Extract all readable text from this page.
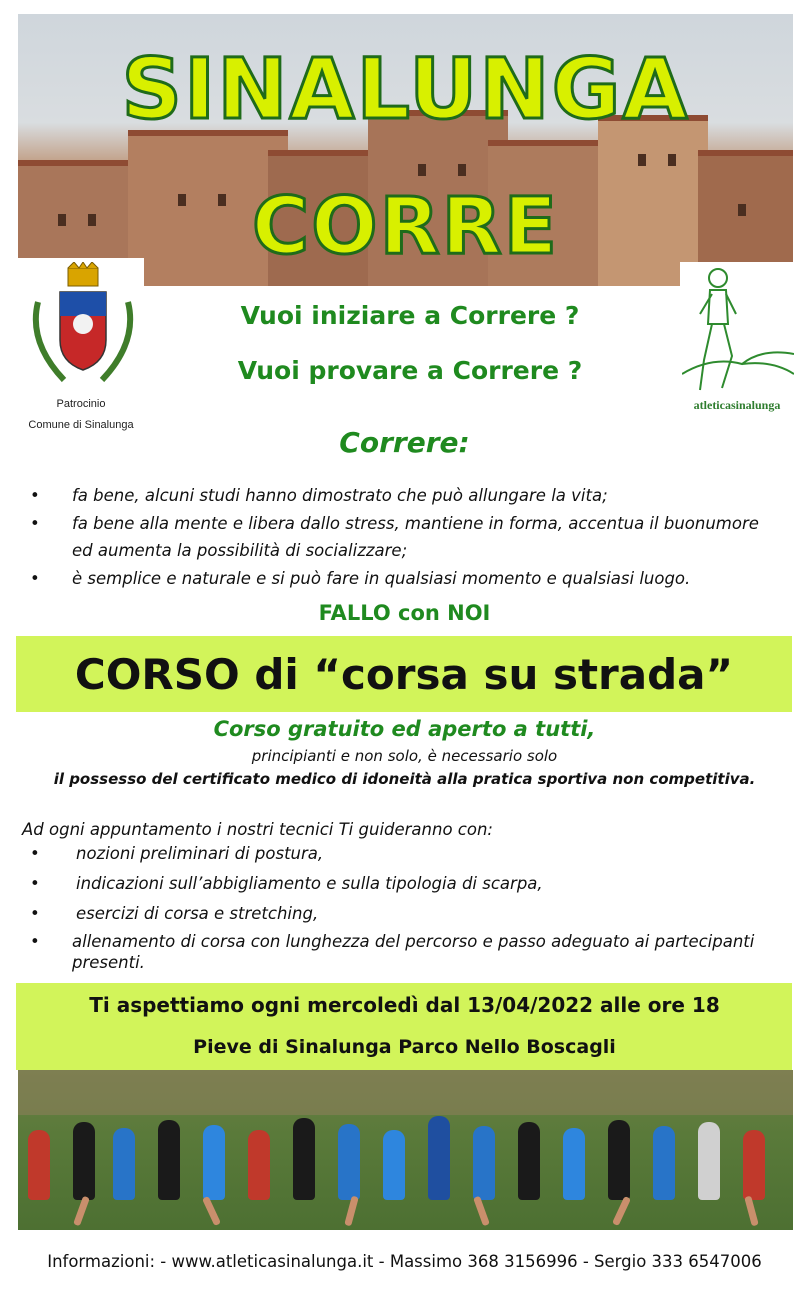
SINALUNGA
CORRE
Patrocinio
Comune di Sinalunga
atleticasinalunga
Vuoi iniziare a Correre ?
Vuoi provare a Correre ?
Correre:
• fa bene, alcuni studi hanno dimostrato che può allungare la vita;
• fa bene alla mente e libera dallo stress, mantiene in forma, accentua il buonumore
ed aumenta la possibilità di socializzare;
• è semplice e naturale e si può fare in qualsiasi momento e qualsiasi luogo.
FALLO con NOI
CORSO di “corsa su strada”
Corso gratuito ed aperto a tutti,
principianti e non solo, è necessario solo
il possesso del certificato medico di idoneità alla pratica sportiva non competitiva.
Ad ogni appuntamento i nostri tecnici Ti guideranno con:
• nozioni preliminari di postura,
• indicazioni sull’abbigliamento e sulla tipologia di scarpa,
• esercizi di corsa e stretching,
• allenamento di corsa con lunghezza del percorso e passo adeguato ai partecipanti
presenti.
Ti aspettiamo ogni mercoledì dal 13/04/2022 alle ore 18
Pieve di Sinalunga Parco Nello Boscagli
Informazioni: - www.atleticasinalunga.it - Massimo 368 3156996 - Sergio 333 6547006
